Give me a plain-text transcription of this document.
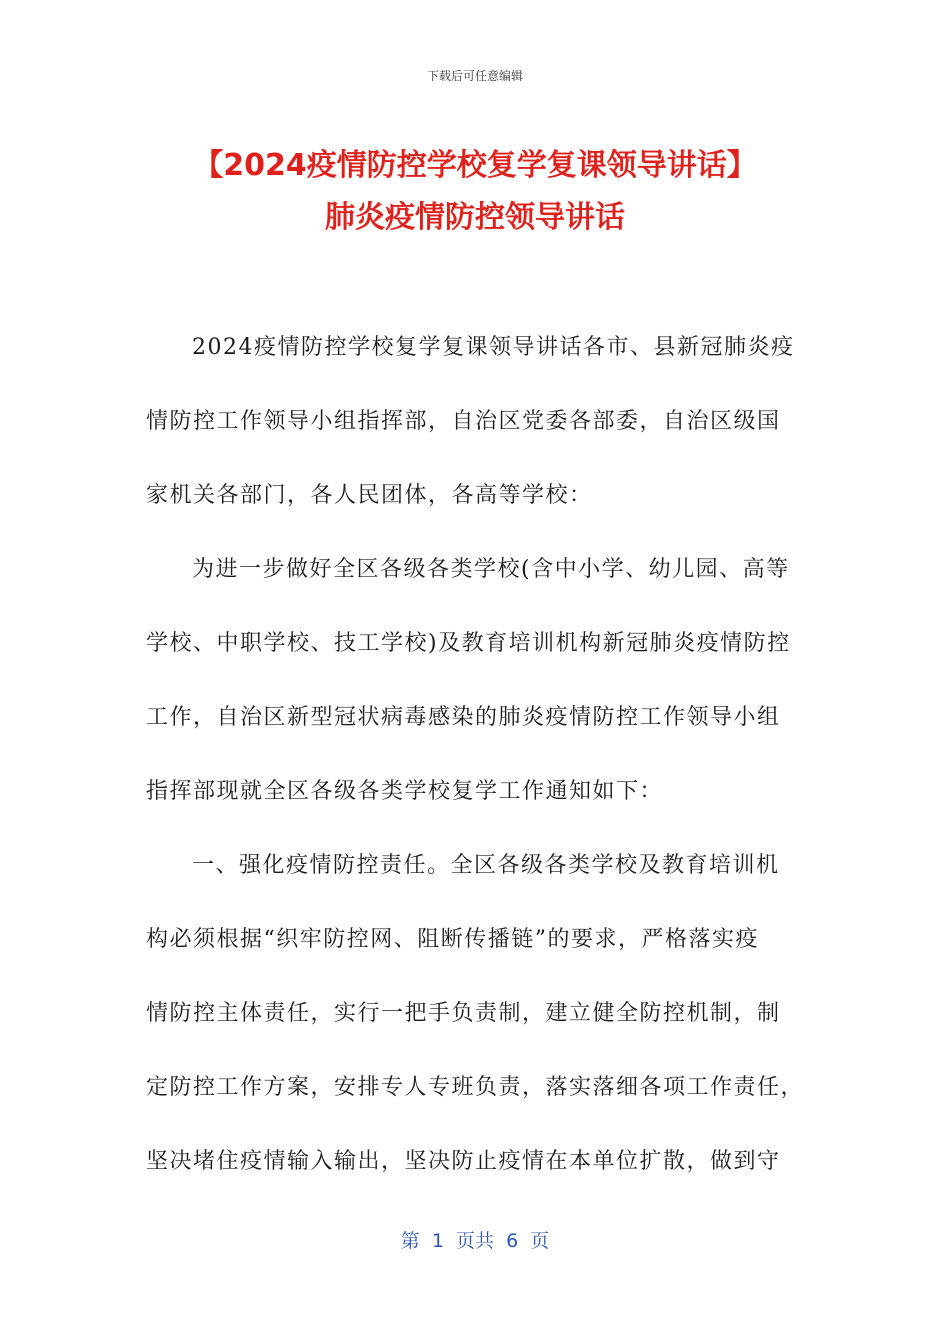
下载后可任意编辑
【2024疫情防控学校复学复课领导讲话】
肺炎疫情防控领导讲话
2024疫情防控学校复学复课领导讲话各市、县新冠肺炎疫
情防控工作领导小组指挥部，自治区党委各部委，自治区级国
家机关各部门，各人民团体，各高等学校：
为进一步做好全区各级各类学校(含中小学、幼儿园、高等
学校、中职学校、技工学校)及教育培训机构新冠肺炎疫情防控
工作，自治区新型冠状病毒感染的肺炎疫情防控工作领导小组
指挥部现就全区各级各类学校复学工作通知如下：
一、强化疫情防控责任。全区各级各类学校及教育培训机
构必须根据“织牢防控网、阻断传播链”的要求，严格落实疫
情防控主体责任，实行一把手负责制，建立健全防控机制，制
定防控工作方案，安排专人专班负责，落实落细各项工作责任，
坚决堵住疫情输入输出，坚决防止疫情在本单位扩散，做到守
第  1  页共  6  页
